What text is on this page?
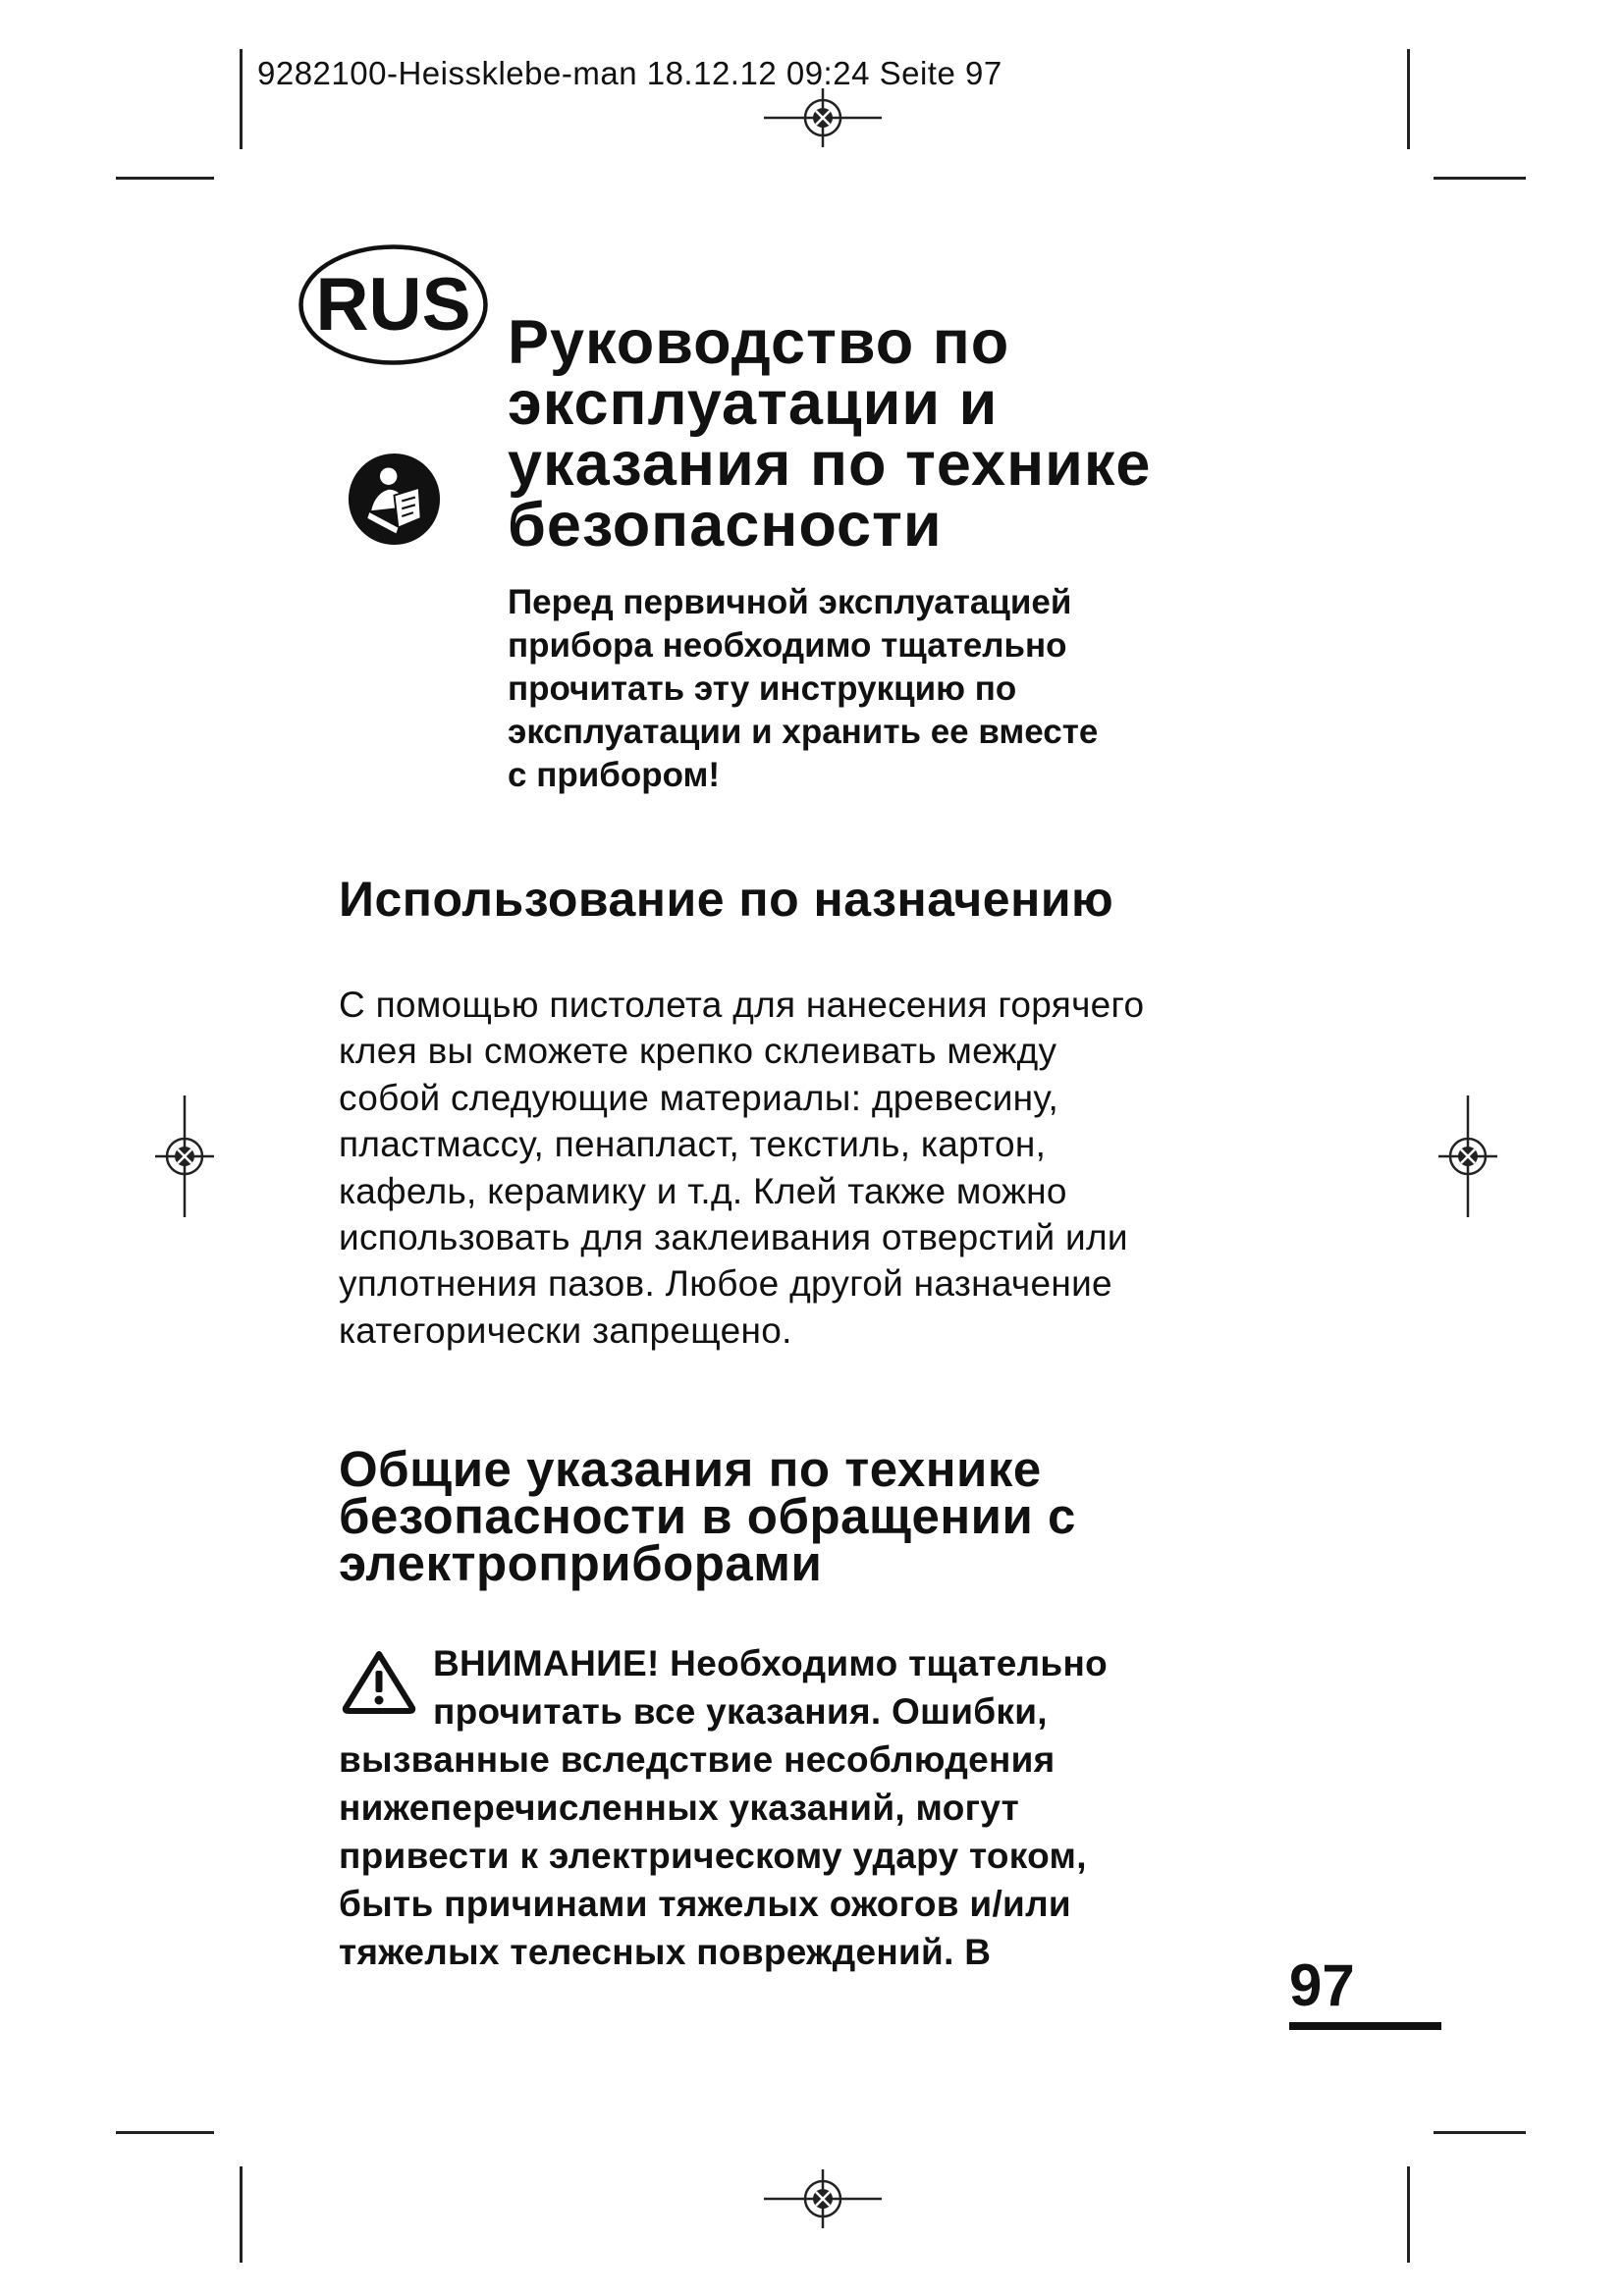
9282100-Heissklebe-man 18.12.12 09:24 Seite 97
RUS Руководство по
эксплуатации и
указания по технике
безопасности

Перед первичной эксплуатацией
прибора необходимо тщательно
прочитать эту инструкцию по
эксплуатации и хранить ее вместе
с прибором!

Использование по назначению

С помощью пистолета для нанесения горячего
клея вы сможете крепко склеивать между
собой следующие материалы: древесину,
пластмассу, пенапласт, текстиль, картон,
кафель, керамику и т.д. Клей также можно
использовать для заклеивания отверстий или
уплотнения пазов. Любое другой назначение
категорически запрещено.

Общие указания по технике
безопасности в обращении с
электроприборами

ВНИМАНИЕ! Необходимо тщательно
прочитать все указания. Ошибки,
вызванные вследствие несоблюдения
нижеперечисленных указаний, могут
привести к электрическому удару током,
быть причинами тяжелых ожогов и/или
тяжелых телесных повреждений. В

97
